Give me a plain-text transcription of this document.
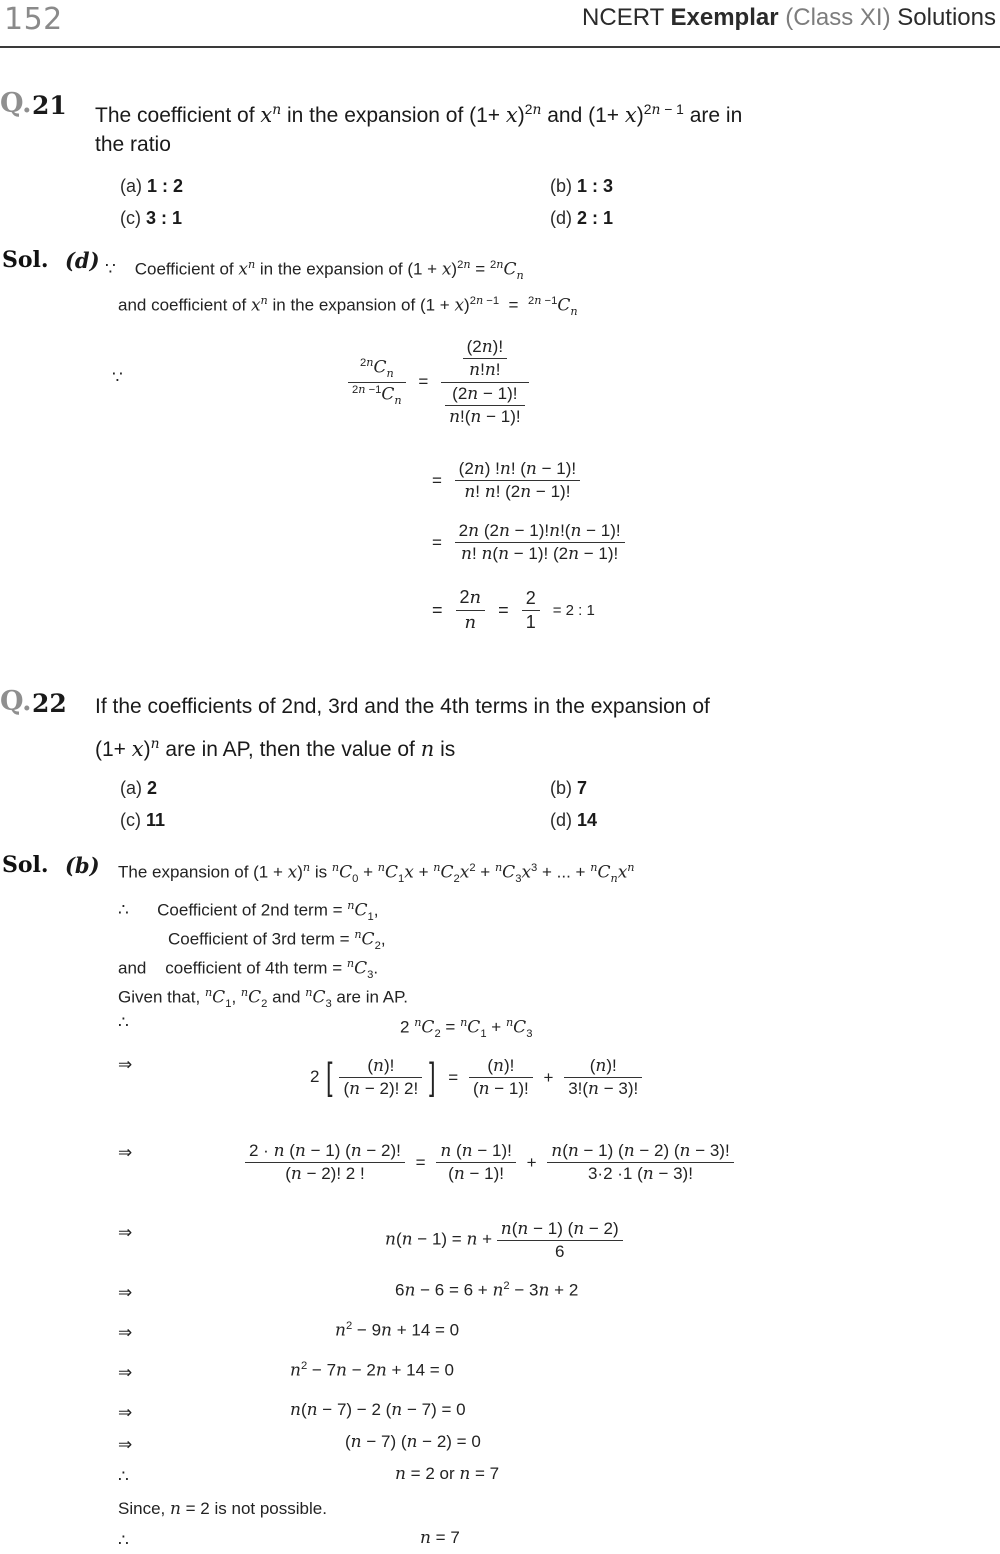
152	NCERT Exemplar (Class XI) Solutions
Q. 21 The coefficient of $x^n$ in the expansion of $(1+ x)^{2n}$ and $(1+ x)^{2n - 1}$ are in
the ratio
(a) 1 : 2	(b) 1 : 3
(c) 3 : 1	(d) 2 : 1
Sol. (d) ∵    Coefficient of $x^n$ in the expansion of $(1 + x)^{2n} = ^{2n}C_n$
and coefficient of $x^n$ in the expansion of $(1 + x)^{2n -1} = ^{2n -1}C_n$
∵	$\frac{^{2n}C_n}{^{2n -1}C_n} = \frac{\frac{(2n)!}{n!n!}}{\frac{(2n - 1)!}{n!(n - 1)!}}$
= $\frac{(2n) !n! (n - 1)!}{n! n! (2n - 1)!}$
= $\frac{2n (2n - 1)!n!(n - 1)!}{n! n(n - 1)! (2n - 1)!}$
= $\frac{2n}{n} = \frac{2}{1} = 2$ : 1
Q. 22 If the coefficients of 2nd, 3rd and the 4th terms in the expansion of
$(1+ x)^n$ are in AP, then the value of n is
(a) 2	(b) 7
(c) 11	(d) 14
Sol. (b) The expansion of $(1 + x)^n$ is $^nC_0 + ^nC_1x + ^nC_2x^2 + ^nC_3x^3$ + ... + $^nC_nx^n$
∴      Coefficient of 2nd term = $^nC_1$,
Coefficient of 3rd term = $^nC_2$,
and    coefficient of 4th term = $^nC_3$.
Given that, $^nC_1$, $^nC_2$ and $^nC_3$ are in AP.
∴	2 $^nC_2 = ^nC_1 + ^nC_3$
⇒
2 [ $\frac{(n)!}{(n - 2)! 2!}$ ] = $\frac{(n)!}{(n - 1)!} + \frac{(n)!}{3!(n - 3)!}$
⇒	$\frac{2 \cdot n (n - 1) (n - 2)!}{(n - 2)! 2 !} = \frac{n (n - 1)!}{(n - 1)!} + \frac{n(n - 1) (n - 2) (n - 3)!}{3\cdot 2 \cdot 1 (n - 3)!}$
⇒	$n(n - 1) = n + \frac{n(n - 1) (n - 2)}{6}$
⇒	$6n - 6 = 6 + n^2 - 3n + 2$
⇒	$n^2 - 9n + 14 = 0$
⇒	$n^2 - 7n - 2n + 14 = 0$
⇒	n(n − 7) − 2 (n − 7) = 0
⇒	(n − 7) (n − 2) = 0
∴	n = 2 or n = 7
Since, n = 2 is not possible.
∴	n = 7
